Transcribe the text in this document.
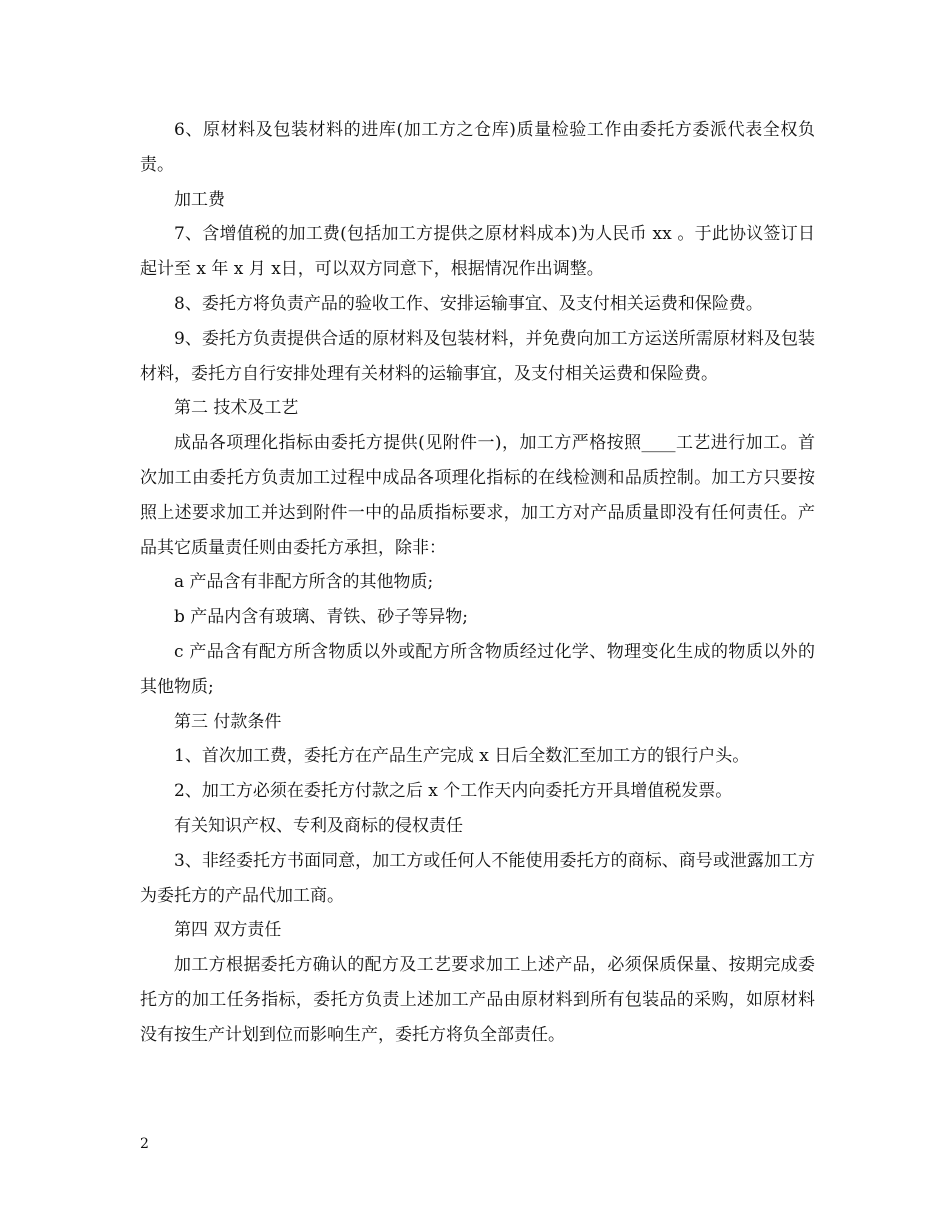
6、原材料及包装材料的进库(加工方之仓库)质量检验工作由委托方委派代表全权负责。

加工费

7、含增值税的加工费(包括加工方提供之原材料成本)为人民币 xx 。于此协议签订日起计至 x 年 x 月 x日，可以双方同意下，根据情况作出调整。

8、委托方将负责产品的验收工作、安排运输事宜、及支付相关运费和保险费。

9、委托方负责提供合适的原材料及包装材料，并免费向加工方运送所需原材料及包装材料，委托方自行安排处理有关材料的运输事宜，及支付相关运费和保险费。

第二 技术及工艺

成品各项理化指标由委托方提供(见附件一)，加工方严格按照____工艺进行加工。首次加工由委托方负责加工过程中成品各项理化指标的在线检测和品质控制。加工方只要按照上述要求加工并达到附件一中的品质指标要求，加工方对产品质量即没有任何责任。产品其它质量责任则由委托方承担，除非：

a 产品含有非配方所含的其他物质;

b 产品内含有玻璃、青铁、砂子等异物;

c 产品含有配方所含物质以外或配方所含物质经过化学、物理变化生成的物质以外的其他物质;

第三 付款条件

1、首次加工费，委托方在产品生产完成 x 日后全数汇至加工方的银行户头。

2、加工方必须在委托方付款之后 x 个工作天内向委托方开具增值税发票。

有关知识产权、专利及商标的侵权责任

3、非经委托方书面同意，加工方或任何人不能使用委托方的商标、商号或泄露加工方为委托方的产品代加工商。

第四 双方责任

加工方根据委托方确认的配方及工艺要求加工上述产品，必须保质保量、按期完成委托方的加工任务指标，委托方负责上述加工产品由原材料到所有包装品的采购，如原材料没有按生产计划到位而影响生产，委托方将负全部责任。

2
